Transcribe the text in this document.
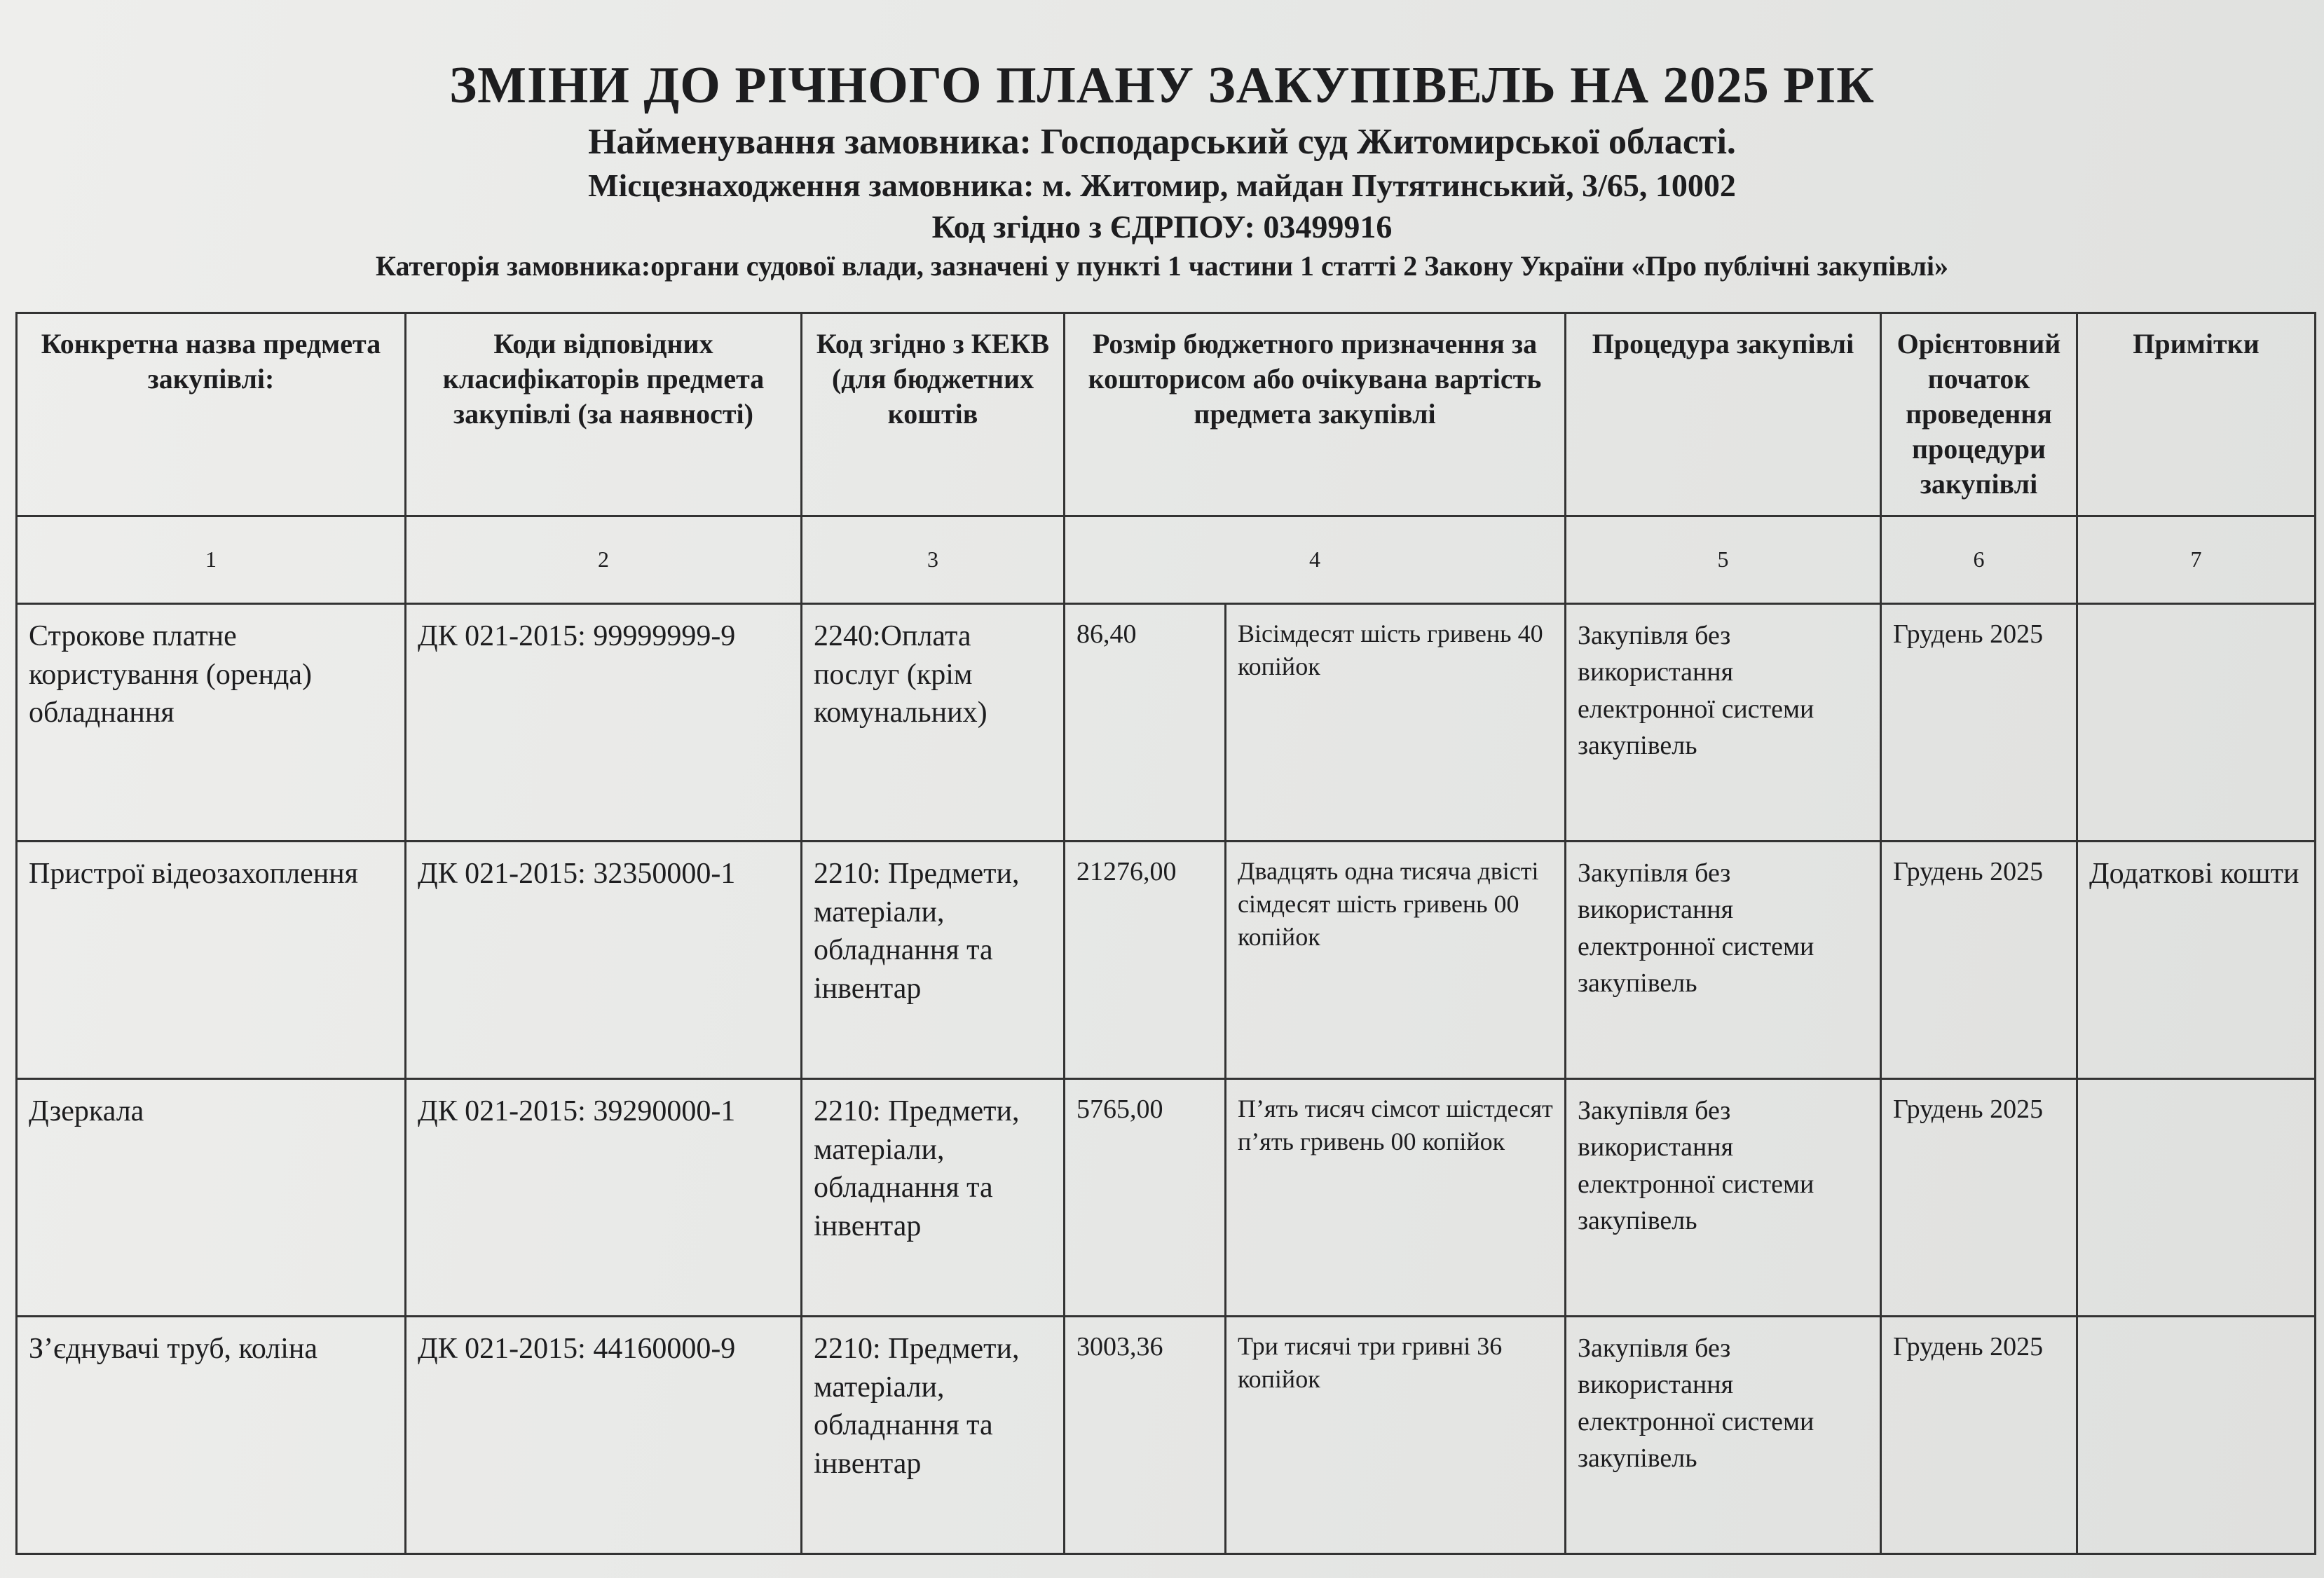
ЗМІНИ ДО РІЧНОГО ПЛАНУ ЗАКУПІВЕЛЬ НА 2025 РІК
Найменування замовника: Господарський суд Житомирської області.
Місцезнаходження замовника: м. Житомир, майдан Путятинський, 3/65, 10002
Код згідно з ЄДРПОУ: 03499916
Категорія замовника:органи судової влади, зазначені у пункті 1 частини 1 статті 2 Закону України «Про публічні закупівлі»
Конкретна назва предмета закупівлі:	Коди відповідних класифікаторів предмета закупівлі (за наявності)	Код згідно з КЕКВ (для бюджетних коштів	Розмір бюджетного призначення за кошторисом або очікувана вартість предмета закупівлі		Процедура закупівлі	Орієнтовний початок проведення процедури закупівлі	Примітки
1	2	3	4		5	6	7
Строкове платне користування (оренда) обладнання	ДК 021-2015: 99999999-9	2240:Оплата послуг (крім комунальних)	86,40	Вісімдесят шість гривень 40 копійок	Закупівля без використання електронної системи закупівель	Грудень 2025	
Пристрої відеозахоплення	ДК 021-2015: 32350000-1	2210: Предмети, матеріали, обладнання та інвентар	21276,00	Двадцять одна тисяча двісті сімдесят шість гривень 00 копійок	Закупівля без використання електронної системи закупівель	Грудень 2025	Додаткові кошти
Дзеркала	ДК 021-2015: 39290000-1	2210: Предмети, матеріали, обладнання та інвентар	5765,00	П’ять тисяч сімсот шістдесят п’ять гривень 00 копійок	Закупівля без використання електронної системи закупівель	Грудень 2025	
З’єднувачі труб, коліна	ДК 021-2015: 44160000-9	2210: Предмети, матеріали, обладнання та інвентар	3003,36	Три тисячі три гривні 36 копійок	Закупівля без використання електронної системи закупівель	Грудень 2025	
